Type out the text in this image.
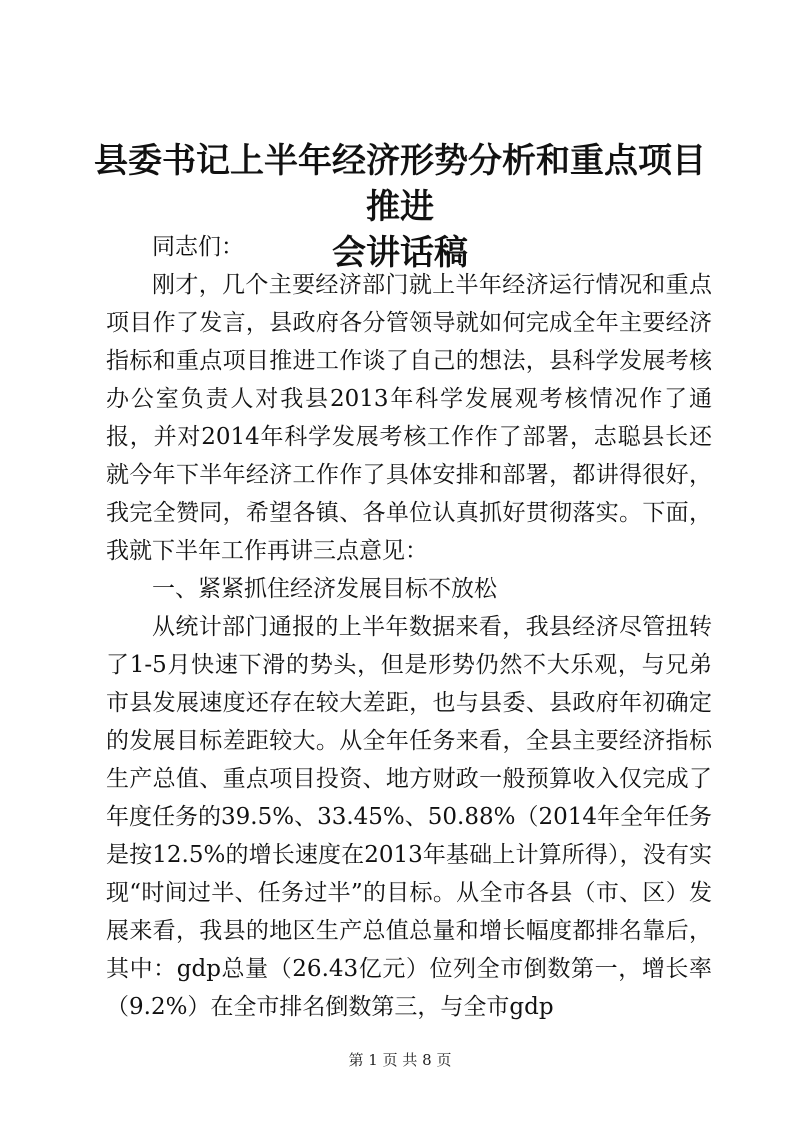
县委书记上半年经济形势分析和重点项目推进
会讲话稿

同志们：

刚才，几个主要经济部门就上半年经济运行情况和重点项目作了发言，县政府各分管领导就如何完成全年主要经济指标和重点项目推进工作谈了自己的想法，县科学发展考核办公室负责人对我县2013年科学发展观考核情况作了通报，并对2014年科学发展考核工作作了部署，志聪县长还就今年下半年经济工作作了具体安排和部署，都讲得很好，我完全赞同，希望各镇、各单位认真抓好贯彻落实。下面，我就下半年工作再讲三点意见：

一、紧紧抓住经济发展目标不放松

从统计部门通报的上半年数据来看，我县经济尽管扭转了1-5月快速下滑的势头，但是形势仍然不大乐观，与兄弟市县发展速度还存在较大差距，也与县委、县政府年初确定的发展目标差距较大。从全年任务来看，全县主要经济指标生产总值、重点项目投资、地方财政一般预算收入仅完成了年度任务的39.5%、33.45%、50.88%（2014年全年任务是按12.5%的增长速度在2013年基础上计算所得），没有实现“时间过半、任务过半”的目标。从全市各县（市、区）发展来看，我县的地区生产总值总量和增长幅度都排名靠后，其中：gdp总量（26.43亿元）位列全市倒数第一，增长率（9.2%）在全市排名倒数第三，与全市gdp

第 1 页 共 8 页
